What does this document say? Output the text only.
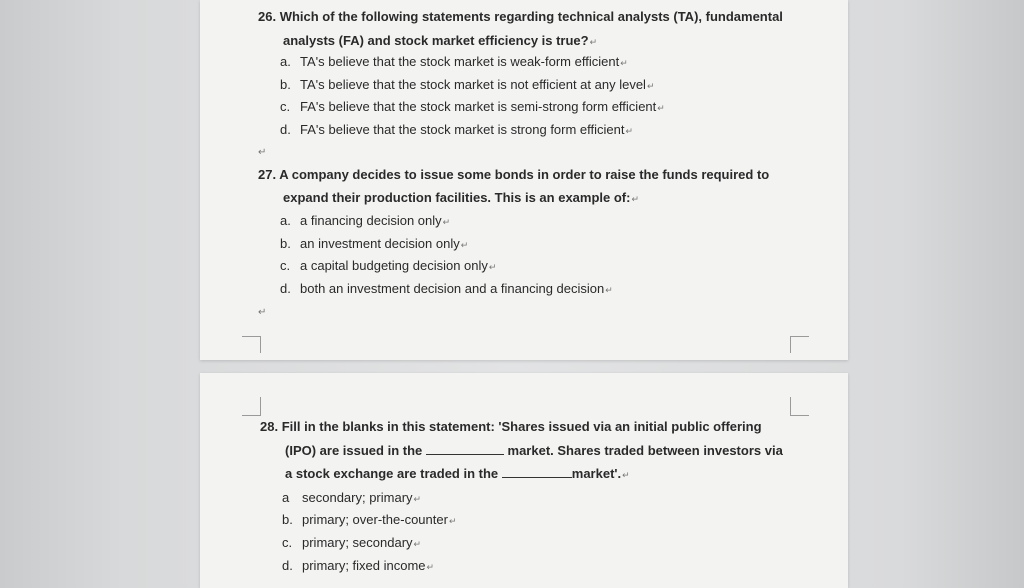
26. Which of the following statements regarding technical analysts (TA), fundamental
analysts (FA) and stock market efficiency is true?↵
a. TA's believe that the stock market is weak-form efficient↵
b. TA's believe that the stock market is not efficient at any level↵
c. FA's believe that the stock market is semi-strong form efficient↵
d. FA's believe that the stock market is strong form efficient↵
↵
27. A company decides to issue some bonds in order to raise the funds required to
expand their production facilities. This is an example of:↵
a. a financing decision only↵
b. an investment decision only↵
c. a capital budgeting decision only↵
d. both an investment decision and a financing decision↵
↵
28. Fill in the blanks in this statement: 'Shares issued via an initial public offering
(IPO) are issued in the	market. Shares traded between investors via
a stock exchange are traded in the	market'.↵
a secondary; primary↵
b. primary; over-the-counter↵
c. primary; secondary↵
d. primary; fixed income↵
